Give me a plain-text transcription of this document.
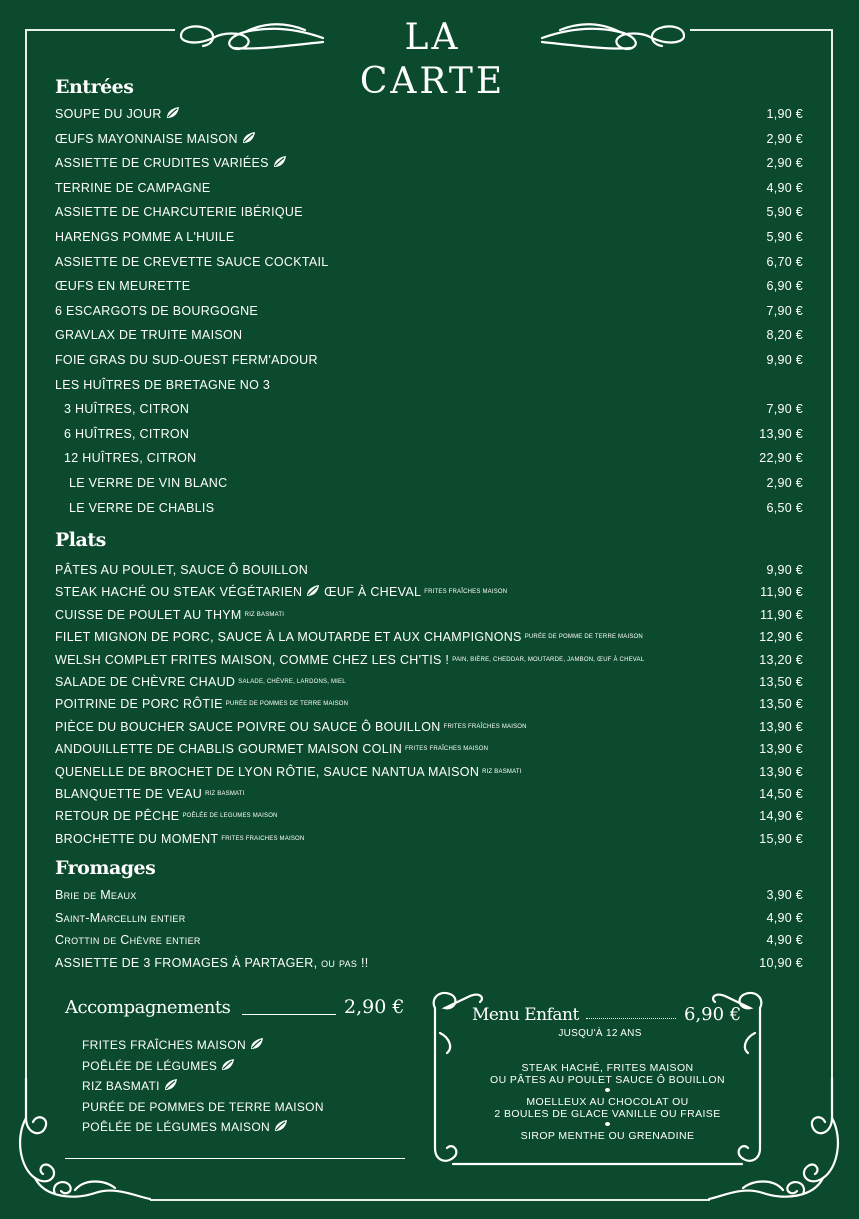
LA CARTE
Entrées
SOUPE DU JOUR	1,90 €
ŒUFS MAYONNAISE MAISON	2,90 €
ASSIETTE DE CRUDITES VARIÉES	2,90 €
TERRINE DE CAMPAGNE	4,90 €
ASSIETTE DE CHARCUTERIE IBÉRIQUE	5,90 €
HARENGS POMME A L'HUILE	5,90 €
ASSIETTE DE CREVETTE SAUCE COCKTAIL	6,70 €
ŒUFS EN MEURETTE	6,90 €
6 ESCARGOTS DE BOURGOGNE	7,90 €
GRAVLAX DE TRUITE MAISON	8,20 €
FOIE GRAS DU SUD-OUEST FERM'ADOUR	9,90 €
LES HUÎTRES DE BRETAGNE NO 3
3 HUÎTRES, CITRON	7,90 €
6 HUÎTRES, CITRON	13,90 €
12 HUÎTRES, CITRON	22,90 €
LE VERRE DE VIN BLANC	2,90 €
LE VERRE DE CHABLIS	6,50 €
Plats
PÂTES AU POULET, SAUCE Ô BOUILLON	9,90 €
STEAK HACHÉ OU STEAK VÉGÉTARIEN ŒUF À CHEVAL $^{FRITES FRAÎCHES MAISON}$	11,90 €
CUISSE DE POULET AU THYM $^{RIZ BASMATI}$	11,90 €
FILET MIGNON DE PORC, SAUCE À LA MOUTARDE ET AUX CHAMPIGNONS $^{PURÉE DE POMME DE TERRE MAISON}$	12,90 €
WELSH COMPLET FRITES MAISON, COMME CHEZ LES CH'TIS ! $^{PAIN, BIÈRE, CHEDDAR, MOUTARDE, JAMBON, ŒUF À CHEVAL}$	13,20 €
SALADE DE CHÈVRE CHAUD $^{SALADE, CHÈVRE, LARDONS, MIEL}$	13,50 €
POITRINE DE PORC RÔTIE $^{PURÉE DE POMMES DE TERRE MAISON}$	13,50 €
PIÈCE DU BOUCHER SAUCE POIVRE OU SAUCE Ô BOUILLON $^{FRITES FRAÎCHES MAISON}$	13,90 €
ANDOUILLETTE DE CHABLIS GOURMET MAISON COLIN $^{FRITES FRAÎCHES MAISON}$	13,90 €
QUENELLE DE BROCHET DE LYON RÔTIE, SAUCE NANTUA MAISON $^{RIZ BASMATI}$	13,90 €
BLANQUETTE DE VEAU $^{RIZ BASMATI}$	14,50 €
RETOUR DE PÊCHE $^{POÊLÉE DE LEGUMES MAISON}$	14,90 €
BROCHETTE DU MOMENT $^{FRITES FRAICHES MAISON}$	15,90 €
Fromages
Brie de Meaux	3,90 €
Saint-Marcellin entier	4,90 €
Crottin de Chèvre entier	4,90 €
ASSIETTE DE 3 FROMAGES À PARTAGER, ou pas !!	10,90 €
Accompagnements	2,90 €
FRITES FRAÎCHES MAISON
POÊLÉE DE LÉGUMES
RIZ BASMATI
PURÉE DE POMMES DE TERRE MAISON
POÊLÉE DE LÉGUMES MAISON
Menu Enfant	6,90 €
JUSQU'À 12 ANS
STEAK HACHÉ, FRITES MAISON
OU PÂTES AU POULET SAUCE Ô BOUILLON
MOELLEUX AU CHOCOLAT OU
2 BOULES DE GLACE VANILLE OU FRAISE
SIROP MENTHE OU GRENADINE
